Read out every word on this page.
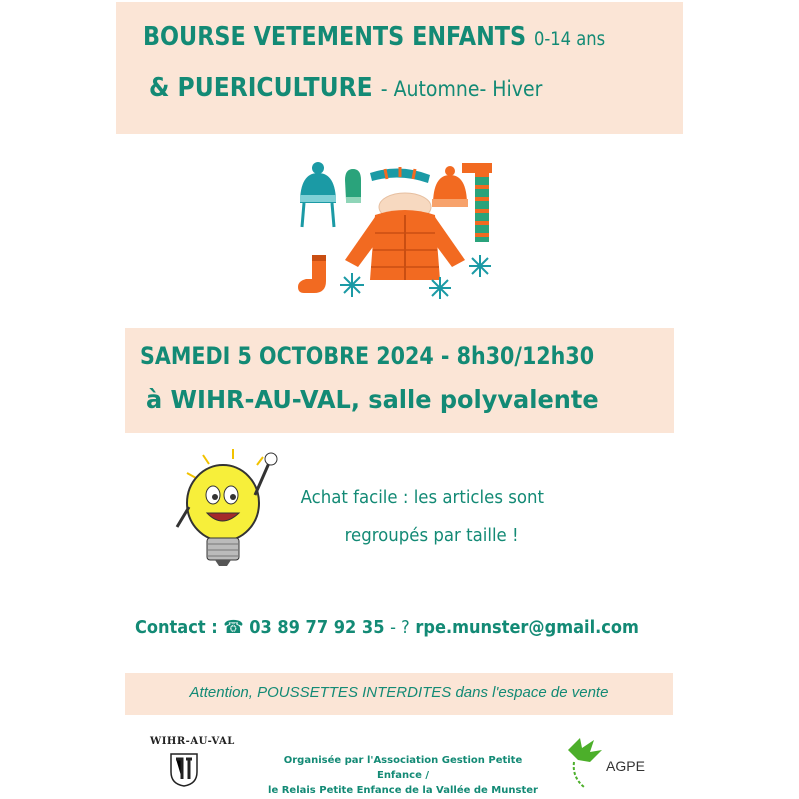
BOURSE VETEMENTS ENFANTS 0-14 ans
& PUERICULTURE - Automne- Hiver
SAMEDI 5 OCTOBRE 2024 - 8h30/12h30
à WIHR-AU-VAL, salle polyvalente
Achat facile : les articles sont
regroupés par taille !
Contact : ☎ 03 89 77 92 35 - ? rpe.munster@gmail.com
Attention, POUSSETTES INTERDITES dans l'espace de vente
WIHR-AU-VAL
Organisée par l'Association Gestion Petite Enfance /
le Relais Petite Enfance de la Vallée de Munster
AGPE
